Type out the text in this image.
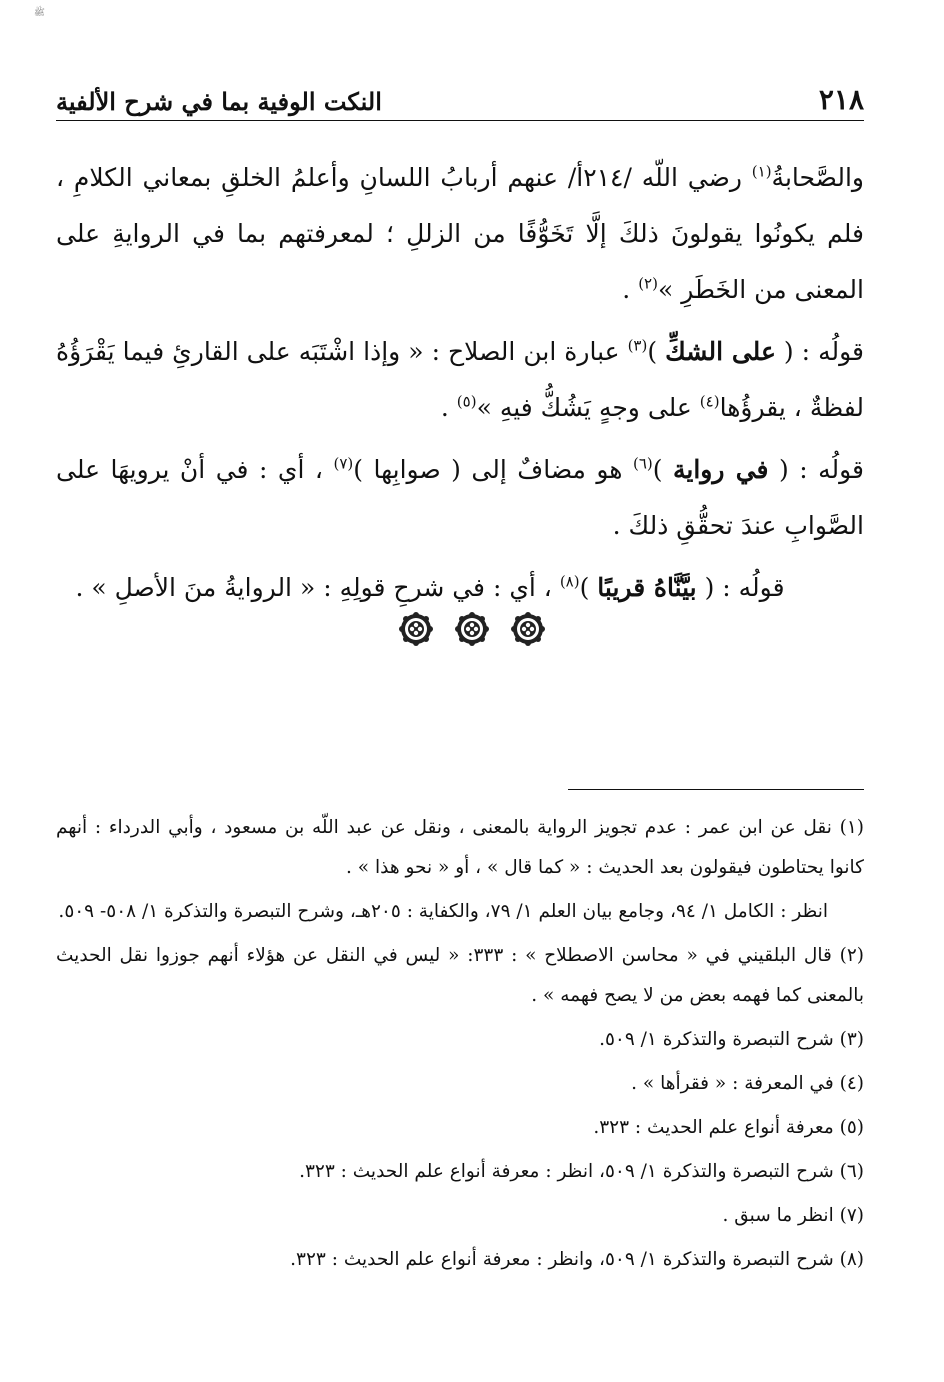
ﷺ
٢١٨
النكت الوفية بما في شرح الألفية

والصَّحابةُ$^{(١)}$ رضي اللّه /٢١٤أ/ عنهم أربابُ اللسانِ وأعلمُ الخلقِ بمعاني الكلامِ ، فلم يكونُوا يقولونَ ذلكَ إلَّا تَخَوُّفًا من الزللِ ؛ لمعرفتهم بما في الروايةِ على المعنى من الخَطَرِ »$^{(٢)}$ .

قولُه : ( على الشكِّ )$^{(٣)}$ عبارة ابن الصلاح : « وإذا اشْتَبَه على القارئِ فيما يَقْرَؤُهُ لفظةٌ ، يقرؤُها$^{(٤)}$ على وجهٍ يَشُكُّ فيهِ »$^{(٥)}$ .

قولُه : ( في رواية )$^{(٦)}$ هو مضافٌ إلى ( صوابِها )$^{(٧)}$ ، أي : في أنْ يرويهَا على الصَّوابِ عندَ تحقُّقِ ذلكَ .

قولُه : ( بيَّنَّاهُ قريبًا )$^{(٨)}$ ، أي : في شرحِ قولِهِ : « الروايةُ منَ الأصلِ » .

(١) نقل عن ابن عمر : عدم تجويز الرواية بالمعنى ، ونقل عن عبد اللّه بن مسعود ، وأبي الدرداء : أنهم كانوا يحتاطون فيقولون بعد الحديث : « كما قال » ، أو « نحو هذا » .

انظر : الكامل ١/ ٩٤، وجامع بيان العلم ١/ ٧٩، والكفاية : ٢٠٥هـ، وشرح التبصرة والتذكرة ١/ ٥٠٨- ٥٠٩.

(٢) قال البلقيني في « محاسن الاصطلاح » : ٣٣٣: « ليس في النقل عن هؤلاء أنهم جوزوا نقل الحديث بالمعنى كما فهمه بعض من لا يصح فهمه » .

(٣) شرح التبصرة والتذكرة ١/ ٥٠٩.

(٤) في المعرفة : « فقرأها » .

(٥) معرفة أنواع علم الحديث : ٣٢٣.

(٦) شرح التبصرة والتذكرة ١/ ٥٠٩، انظر : معرفة أنواع علم الحديث : ٣٢٣.

(٧) انظر ما سبق .

(٨) شرح التبصرة والتذكرة ١/ ٥٠٩، وانظر : معرفة أنواع علم الحديث : ٣٢٣.
